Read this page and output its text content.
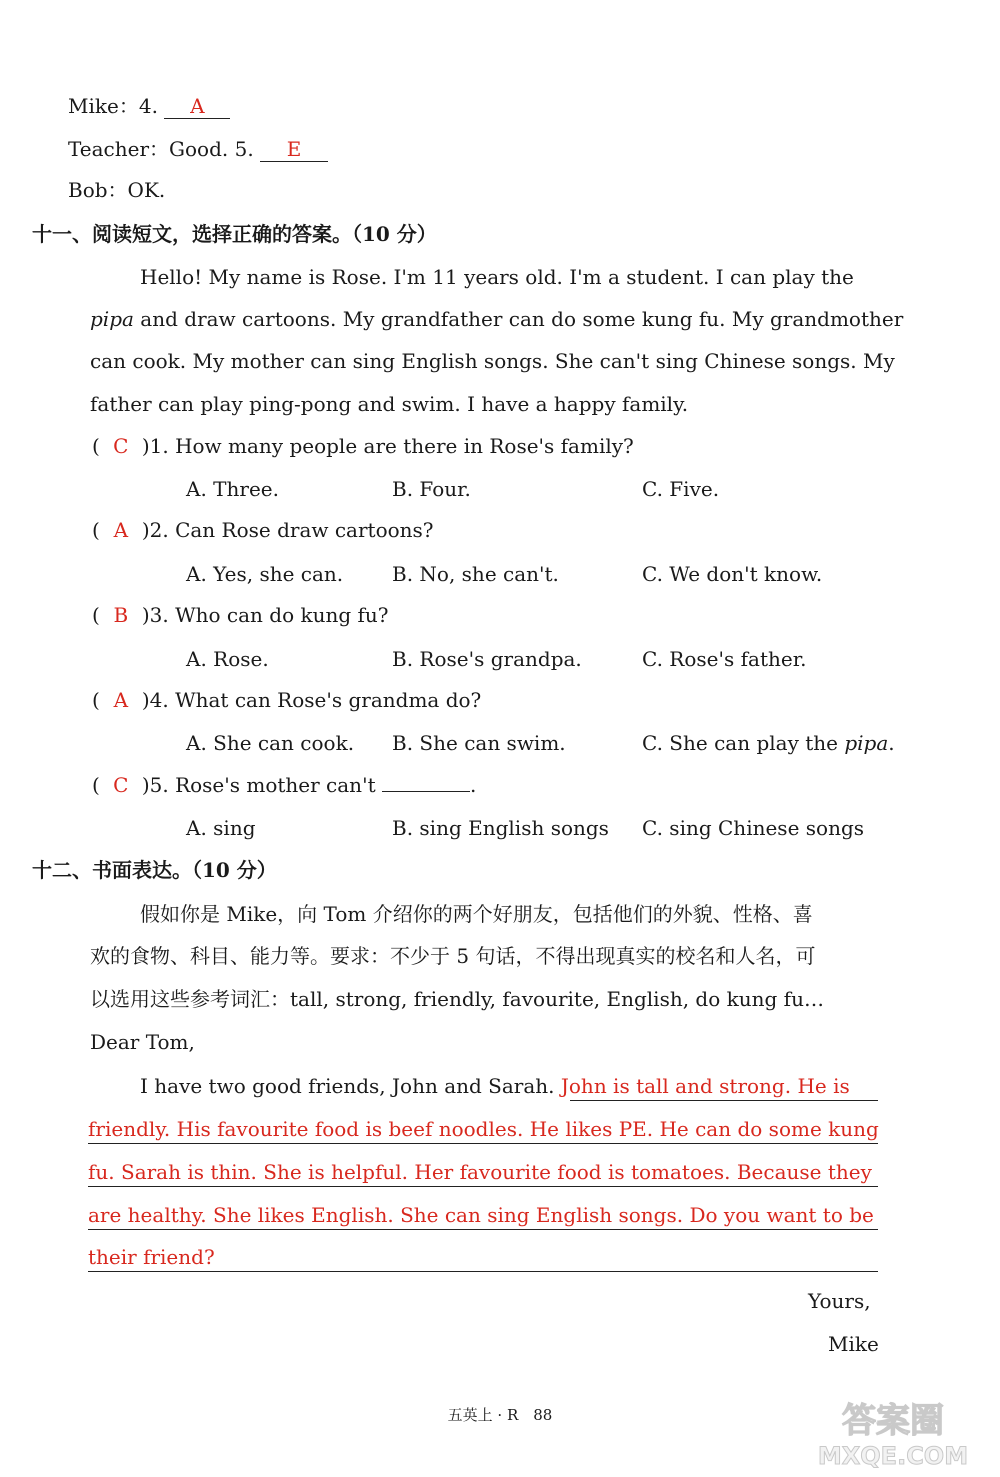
Mike：4. A
Teacher：Good. 5. E
Bob：OK.
十一、阅读短文，选择正确的答案。（10 分）
Hello! My name is Rose. I'm 11 years old. I'm a student. I can play the
pipa and draw cartoons. My grandfather can do some kung fu. My grandmother
can cook. My mother can sing English songs. She can't sing Chinese songs. My
father can play ping-pong and swim. I have a happy family.
( C )1. How many people are there in Rose's family?
A. Three.	B. Four.	C. Five.
( A )2. Can Rose draw cartoons?
A. Yes, she can. B. No, she can't.	C. We don't know.
( B )3. Who can do kung fu?
A. Rose.	B. Rose's grandpa.	C. Rose's father.
( A )4. What can Rose's grandma do?
A. She can cook. B. She can swim.	C. She can play the pipa.
( C )5. Rose's mother can't	.
A. sing	B. sing English songs C. sing Chinese songs
十二、书面表达。（10 分）
假如你是 Mike，向 Tom 介绍你的两个好朋友，包括他们的外貌、性格、喜
欢的食物、科目、能力等。要求：不少于 5 句话，不得出现真实的校名和人名，可
以选用这些参考词汇：tall, strong, friendly, favourite, English, do kung fu…
Dear Tom,
I have two good friends, John and Sarah. John is tall and strong. He is
friendly. His favourite food is beef noodles. He likes PE. He can do some kung
fu. Sarah is thin. She is helpful. Her favourite food is tomatoes. Because they
are healthy. She likes English. She can sing English songs. Do you want to be
their friend?
Yours,
Mike
五英上 · R　88	答案圈
MXQE.COM
